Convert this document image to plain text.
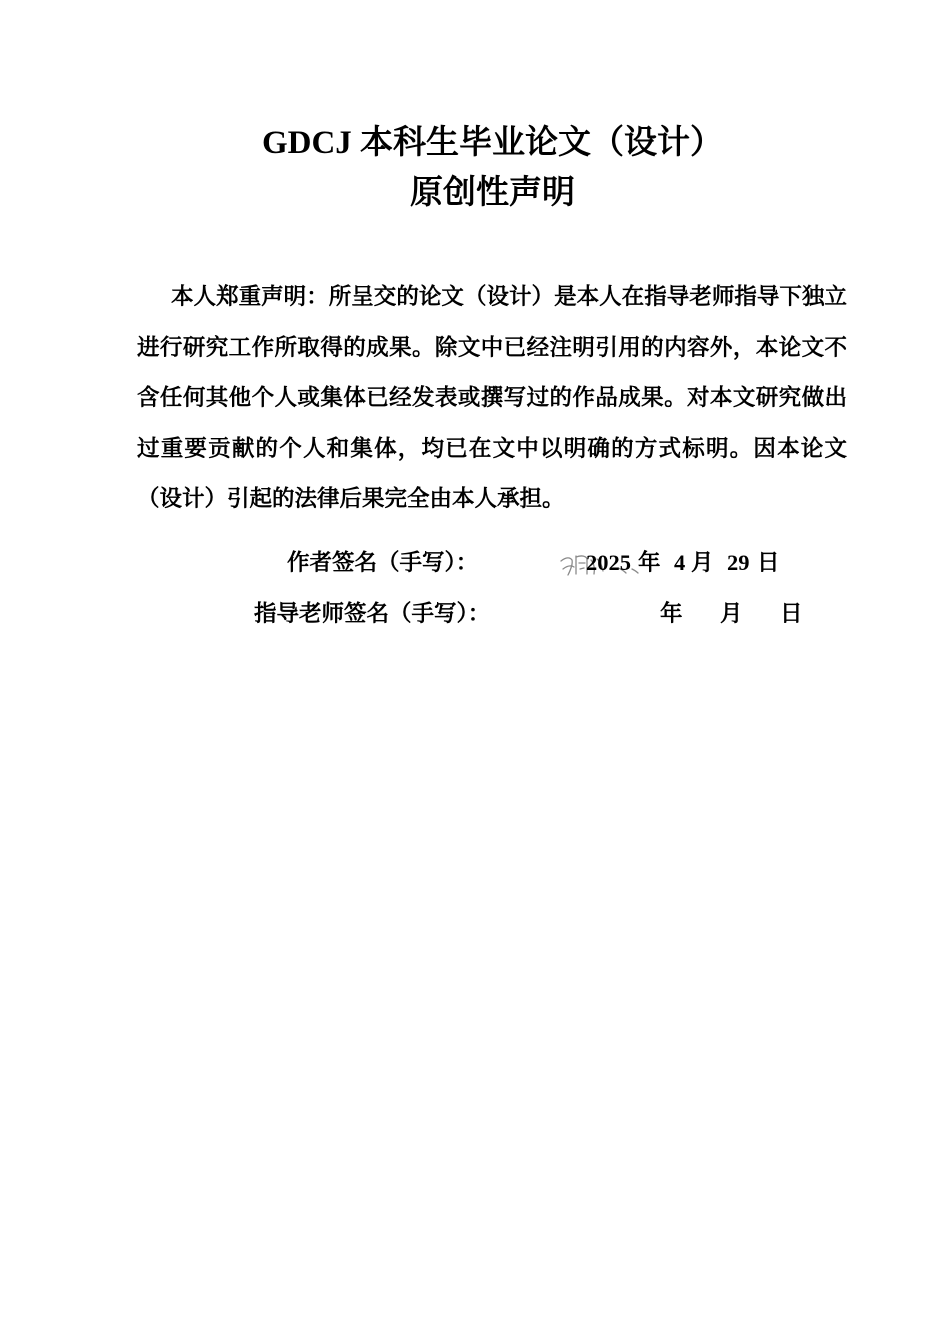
GDCJ 本科生毕业论文（设计）
原创性声明

本人郑重声明：所呈交的论文（设计）是本人在指导老师指导下独立进行研究工作所取得的成果。除文中已经注明引用的内容外，本论文不含任何其他个人或集体已经发表或撰写过的作品成果。对本文研究做出过重要贡献的个人和集体，均已在文中以明确的方式标明。因本论文（设计）引起的法律后果完全由本人承担。

作者签名（手写）：	2025 年 4 月 29 日
指导老师签名（手写）：	年 月 日
